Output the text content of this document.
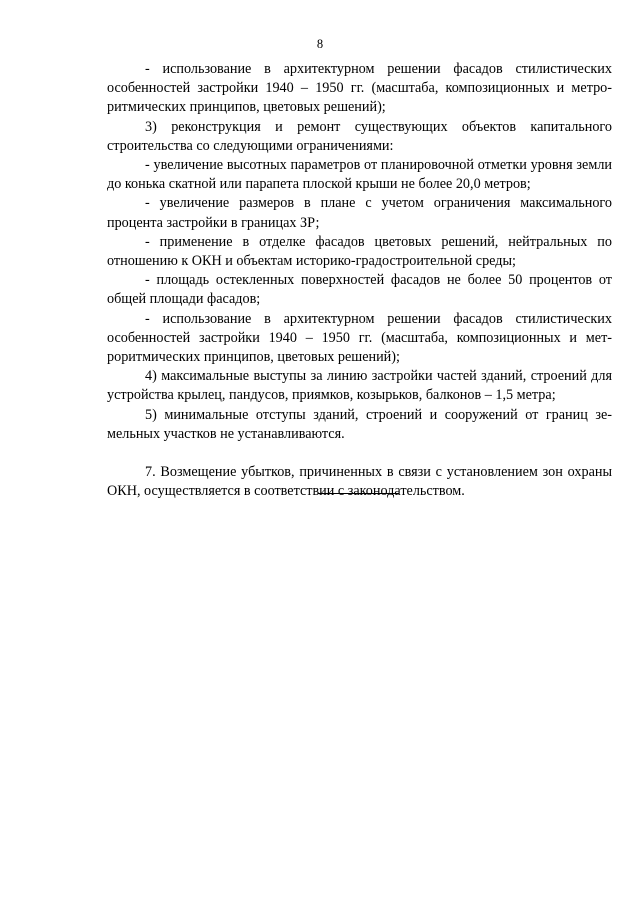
8

- использование в архитектурном решении фасадов стилистических особенностей застройки 1940 – 1950 гг. (масштаба, композиционных и метро-ритмических принципов, цветовых решений);

3) реконструкция и ремонт существующих объектов капитального строительства со следующими ограничениями:

- увеличение высотных параметров от планировочной отметки уровня земли до конька скатной или парапета плоской крыши не более 20,0 метров;

- увеличение размеров в плане с учетом ограничения максимального процента застройки в границах ЗР;

- применение в отделке фасадов цветовых решений, нейтральных по отношению к ОКН и объектам историко-градостроительной среды;

- площадь остекленных поверхностей фасадов не более 50 процентов от общей площади фасадов;

- использование в архитектурном решении фасадов стилистических особенностей застройки 1940 – 1950 гг. (масштаба, композиционных и мет-роритмических принципов, цветовых решений);

4) максимальные выступы за линию застройки частей зданий, строений для устройства крылец, пандусов, приямков, козырьков, балконов – 1,5 метра;

5) минимальные отступы зданий, строений и сооружений от границ зе-мельных участков не устанавливаются.

7. Возмещение убытков, причиненных в связи с установлением зон охраны ОКН, осуществляется в соответствии с законодательством.
